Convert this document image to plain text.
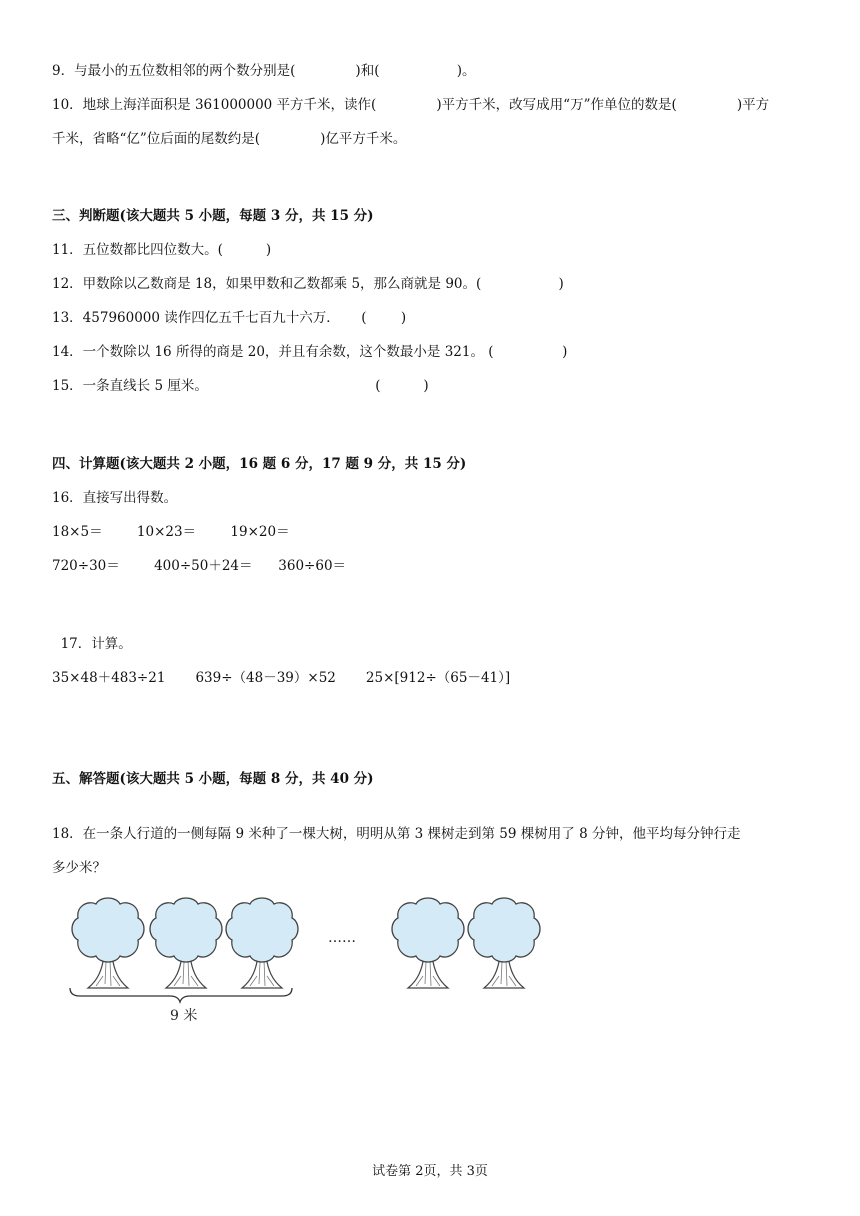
9．与最小的五位数相邻的两个数分别是(              )和(                  )。
10．地球上海洋面积是 361000000 平方千米，读作(              )平方千米，改写成用“万”作单位的数是(              )平方
千米，省略“亿”位后面的尾数约是(              )亿平方千米。
三、判断题(该大题共 5 小题，每题 3 分，共 15 分)
11．五位数都比四位数大。(          )
12．甲数除以乙数商是 18，如果甲数和乙数都乘 5，那么商就是 90。(                  )
13．457960000 读作四亿五千七百九十六万．     (        )
14．一个数除以 16 所得的商是 20，并且有余数，这个数最小是 321。 (                )
15．一条直线长 5 厘米。                                       (          )
四、计算题(该大题共 2 小题，16 题 6 分，17 题 9 分，共 15 分)
16．直接写出得数。
18×5＝        10×23＝        19×20＝
720÷30＝        400÷50＋24＝      360÷60＝
17．计算。
35×48＋483÷21       639÷（48－39）×52       25×[912÷（65－41）]
五、解答题(该大题共 5 小题，每题 8 分，共 40 分)
18．在一条人行道的一侧每隔 9 米种了一棵大树，明明从第 3 棵树走到第 59 棵树用了 8 分钟，他平均每分钟行走
多少米？
……
9 米
试卷第 2页，共 3页
